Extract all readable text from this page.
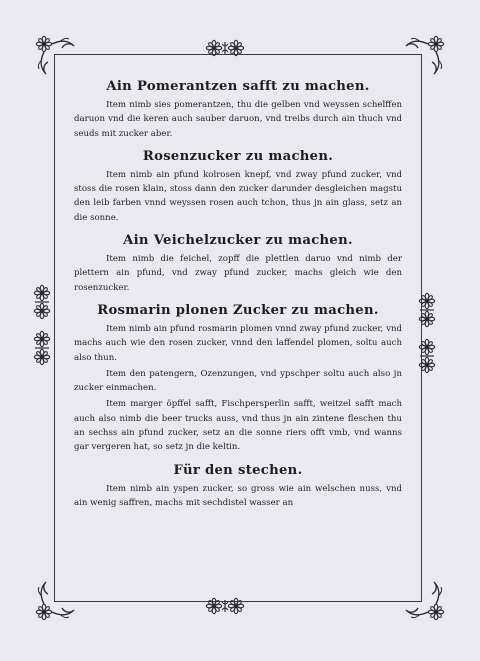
Ain Pomerantzen safft zu machen.

Item nimb sies pomerantzen, thu die gelben vnd weyssen schelffen daruon vnd die keren auch sauber daruon, vnd treibs durch ain thuch vnd seuds mit zucker aber.

Rosenzucker zu machen.

Item nimb ain pfund kolrosen knepf, vnd zway pfund zucker, vnd stoss die rosen klain, stoss dann den zucker darunder desgleichen magstu den leib farben vnnd weyssen rosen auch tchon, thus jn ain glass, setz an die sonne.

Ain Veichelzucker zu machen.

Item nimb die feichel, zopff die plettlen daruo vnd nimb der plettern ain pfund, vnd zway pfund zucker, machs gleich wie den rosenzucker.

Rosmarin plonen Zucker zu machen.

Item nimb ain pfund rosmarin plomen vnnd zway pfund zucker, vnd machs auch wie den rosen zucker, vnnd den laffendel plomen, soltu auch also thun.

Item den patengern, Ozenzungen, vnd ypschper soltu auch also jn zucker einmachen.

Item marger öpffel safft, Fischpersperlin safft, weitzel safft mach auch also nimb die beer trucks auss, vnd thus jn ain zintene fleschen thu an sechss ain pfund zucker, setz an die sonne riers offt vmb, vnd wanns gar vergeren hat, so setz jn die keltin.

Für den stechen.

Item nimb ain yspen zucker, so gross wie ain welschen nuss, vnd ain wenig saffren, machs mit sechdistel wasser an
